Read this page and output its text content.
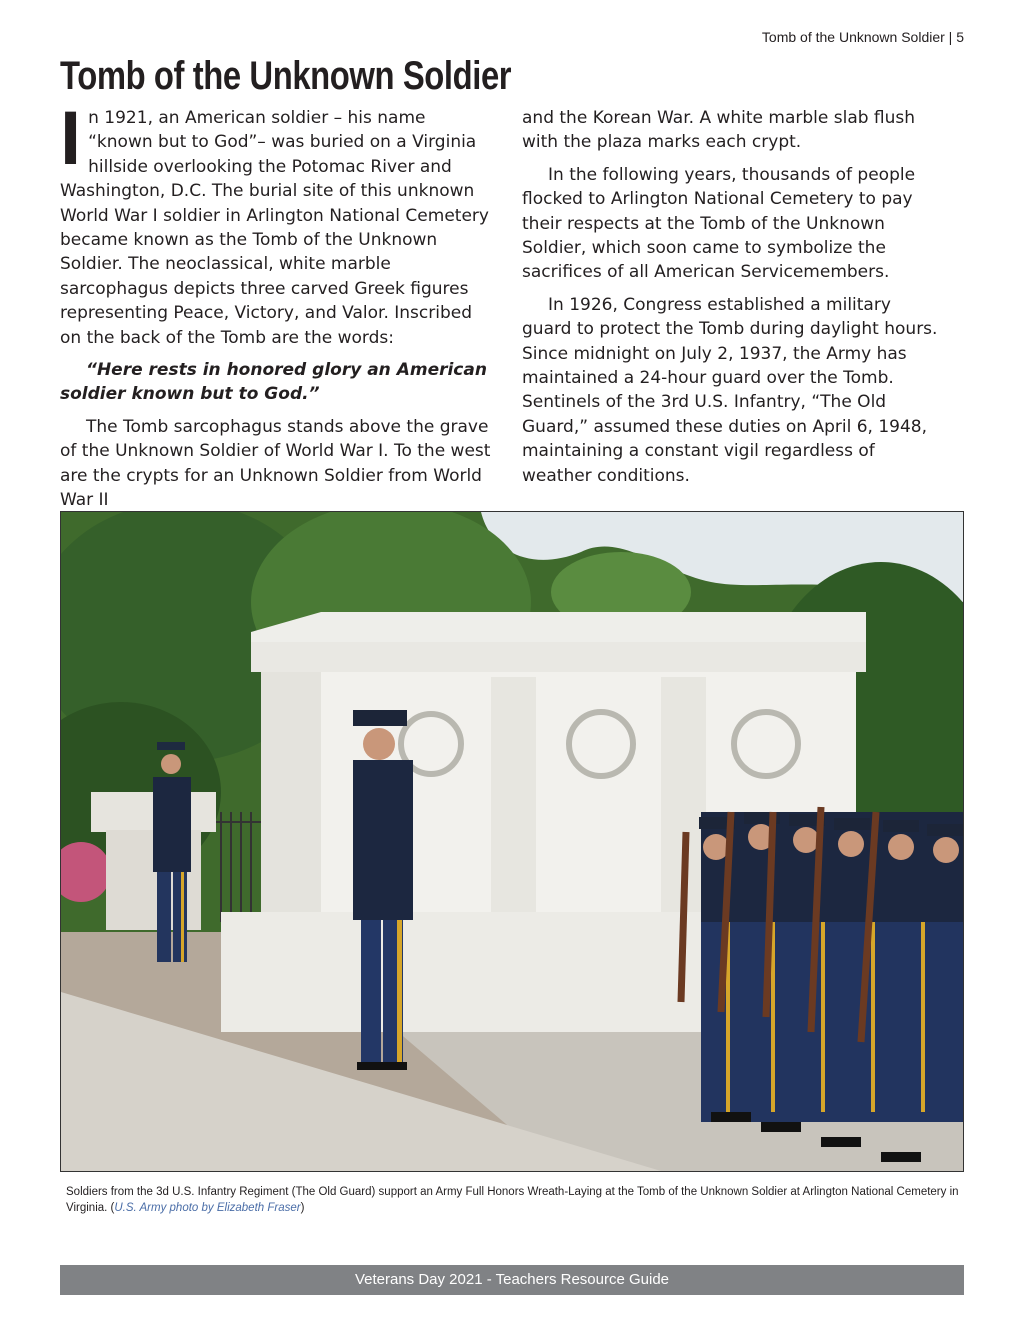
Tomb of the Unknown Soldier | 5
Tomb of the Unknown Soldier

In 1921, an American soldier – his name “known but to God”– was buried on a Virginia hillside overlooking the Potomac River and Washington, D.C. The burial site of this unknown World War I soldier in Arlington National Cemetery became known as the Tomb of the Unknown Soldier. The neoclassical, white marble sarcophagus depicts three carved Greek figures representing Peace, Victory, and Valor. Inscribed on the back of the Tomb are the words:

“Here rests in honored glory an American soldier known but to God.”

The Tomb sarcophagus stands above the grave of the Unknown Soldier of World War I. To the west are the crypts for an Unknown Soldier from World War II

and the Korean War. A white marble slab flush with the plaza marks each crypt.

In the following years, thousands of people flocked to Arlington National Cemetery to pay their respects at the Tomb of the Unknown Soldier, which soon came to symbolize the sacrifices of all American Servicemembers.

In 1926, Congress established a military guard to protect the Tomb during daylight hours. Since midnight on July 2, 1937, the Army has maintained a 24-hour guard over the Tomb. Sentinels of the 3rd U.S. Infantry, “The Old Guard,” assumed these duties on April 6, 1948, maintaining a constant vigil regardless of weather conditions.

Soldiers from the 3d U.S. Infantry Regiment (The Old Guard) support an Army Full Honors Wreath-Laying at the Tomb of the Unknown Soldier at Arlington National Cemetery in Virginia. (U.S. Army photo by Elizabeth Fraser)
Veterans Day 2021 - Teachers Resource Guide
